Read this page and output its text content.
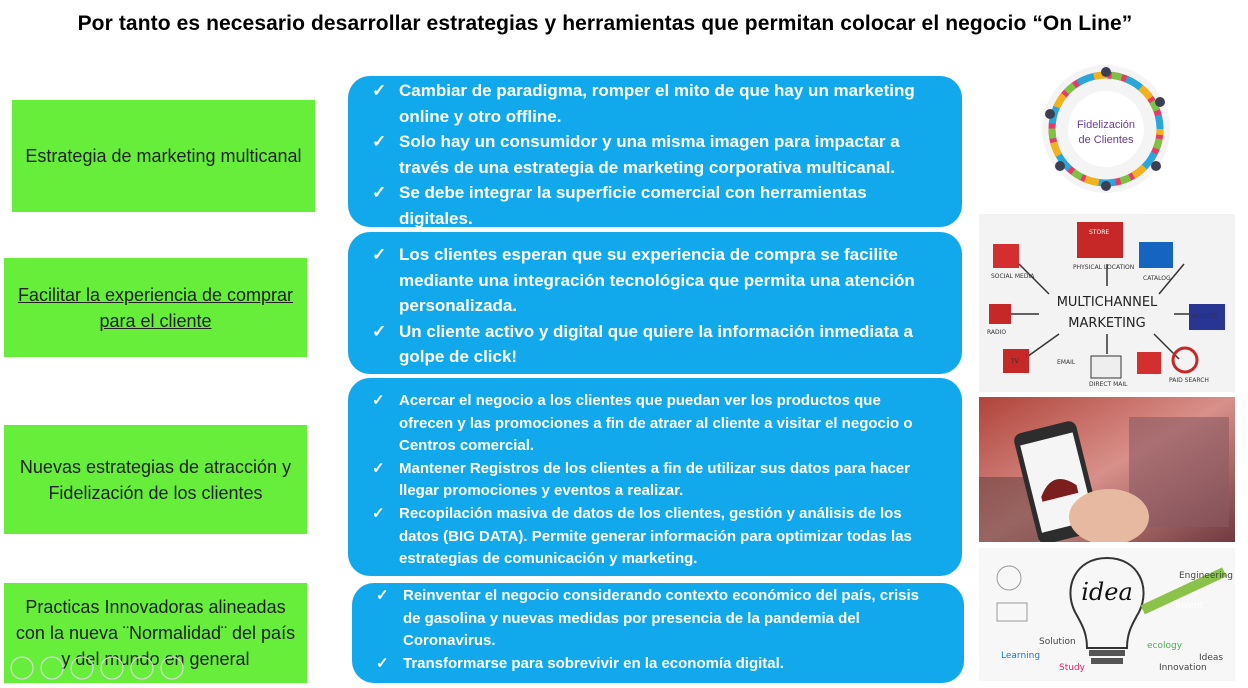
Por tanto es necesario desarrollar estrategias y herramientas que permitan colocar el negocio “On Line”
Estrategia de marketing multicanal
✓ Cambiar de paradigma, romper el mito de que hay un marketing online y otro offline.
✓ Solo hay un consumidor y una misma imagen para impactar a través de una estrategia de marketing corporativa multicanal.
✓ Se debe integrar la superficie comercial con herramientas digitales.
Facilitar la experiencia de comprar para el cliente
✓ Los clientes esperan que su experiencia de compra se facilite mediante una integración tecnológica que permita una atención personalizada.
✓ Un cliente activo y digital que quiere la información inmediata a golpe de click!
Nuevas estrategias de atracción y Fidelización de los clientes
✓ Acercar el negocio a los clientes que puedan ver los productos que ofrecen y las promociones a fin de atraer al cliente a visitar el negocio o Centros comercial.
✓ Mantener Registros de los clientes a fin de utilizar sus datos para hacer llegar promociones y eventos a realizar.
✓ Recopilación masiva de datos de los clientes, gestión y análisis de los datos (BIG DATA). Permite generar información para optimizar todas las estrategias de comunicación y marketing.
Practicas Innovadoras alineadas con la nueva ¨Normalidad¨ del país y del mundo en general
✓ Reinventar el negocio considerando contexto económico del país, crisis de gasolina y nuevas medidas por presencia de la pandemia del Coronavirus.
✓ Transformarse para sobrevivir en la economía digital.
Fidelización
de Clientes
MULTICHANNEL
MARKETING
SOCIAL MEDIA
PHYSICAL LOCATION
CATALOG
RADIO
WEBSITE
TV	EMAIL
DIRECT MAIL
PAID SEARCH
STORE
idea
Solution
Learning
Study	Innovation
Invent
Engineering
Ideas
ecology
